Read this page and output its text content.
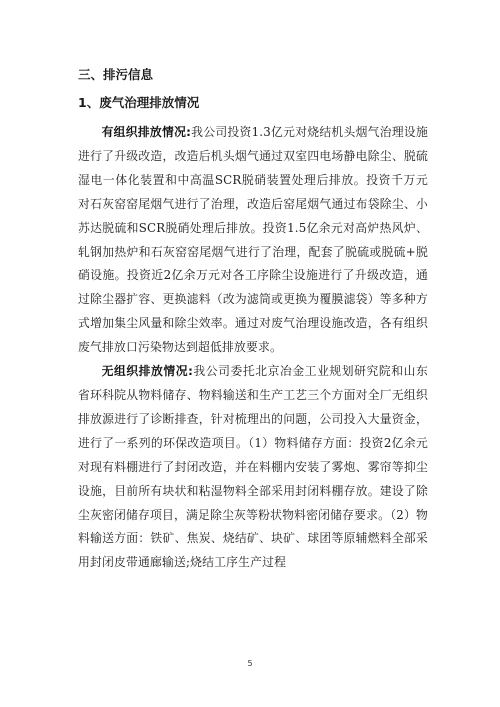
三、排污信息

1、废气治理排放情况

有组织排放情况:我公司投资1.3亿元对烧结机头烟气治理设施进行了升级改造，改造后机头烟气通过双室四电场静电除尘、脱硫湿电一体化装置和中高温SCR脱硝装置处理后排放。投资千万元对石灰窑窑尾烟气进行了治理，改造后窑尾烟气通过布袋除尘、小苏达脱硫和SCR脱硝处理后排放。投资1.5亿余元对高炉热风炉、轧钢加热炉和石灰窑窑尾烟气进行了治理，配套了脱硫或脱硫+脱硝设施。投资近2亿余万元对各工序除尘设施进行了升级改造，通过除尘器扩容、更换滤料（改为滤筒或更换为覆膜滤袋）等多种方式增加集尘风量和除尘效率。通过对废气治理设施改造，各有组织废气排放口污染物达到超低排放要求。

无组织排放情况:我公司委托北京冶金工业规划研究院和山东省环科院从物料储存、物料输送和生产工艺三个方面对全厂无组织排放源进行了诊断排查，针对梳理出的问题，公司投入大量资金，进行了一系列的环保改造项目。（1）物料储存方面：投资2亿余元对现有料棚进行了封闭改造，并在料棚内安装了雾炮、雾帘等抑尘设施，目前所有块状和粘湿物料全部采用封闭料棚存放。建设了除尘灰密闭储存项目，满足除尘灰等粉状物料密闭储存要求。（2）物料输送方面：铁矿、焦炭、烧结矿、块矿、球团等原辅燃料全部采用封闭皮带通廊输送;烧结工序生产过程

5
